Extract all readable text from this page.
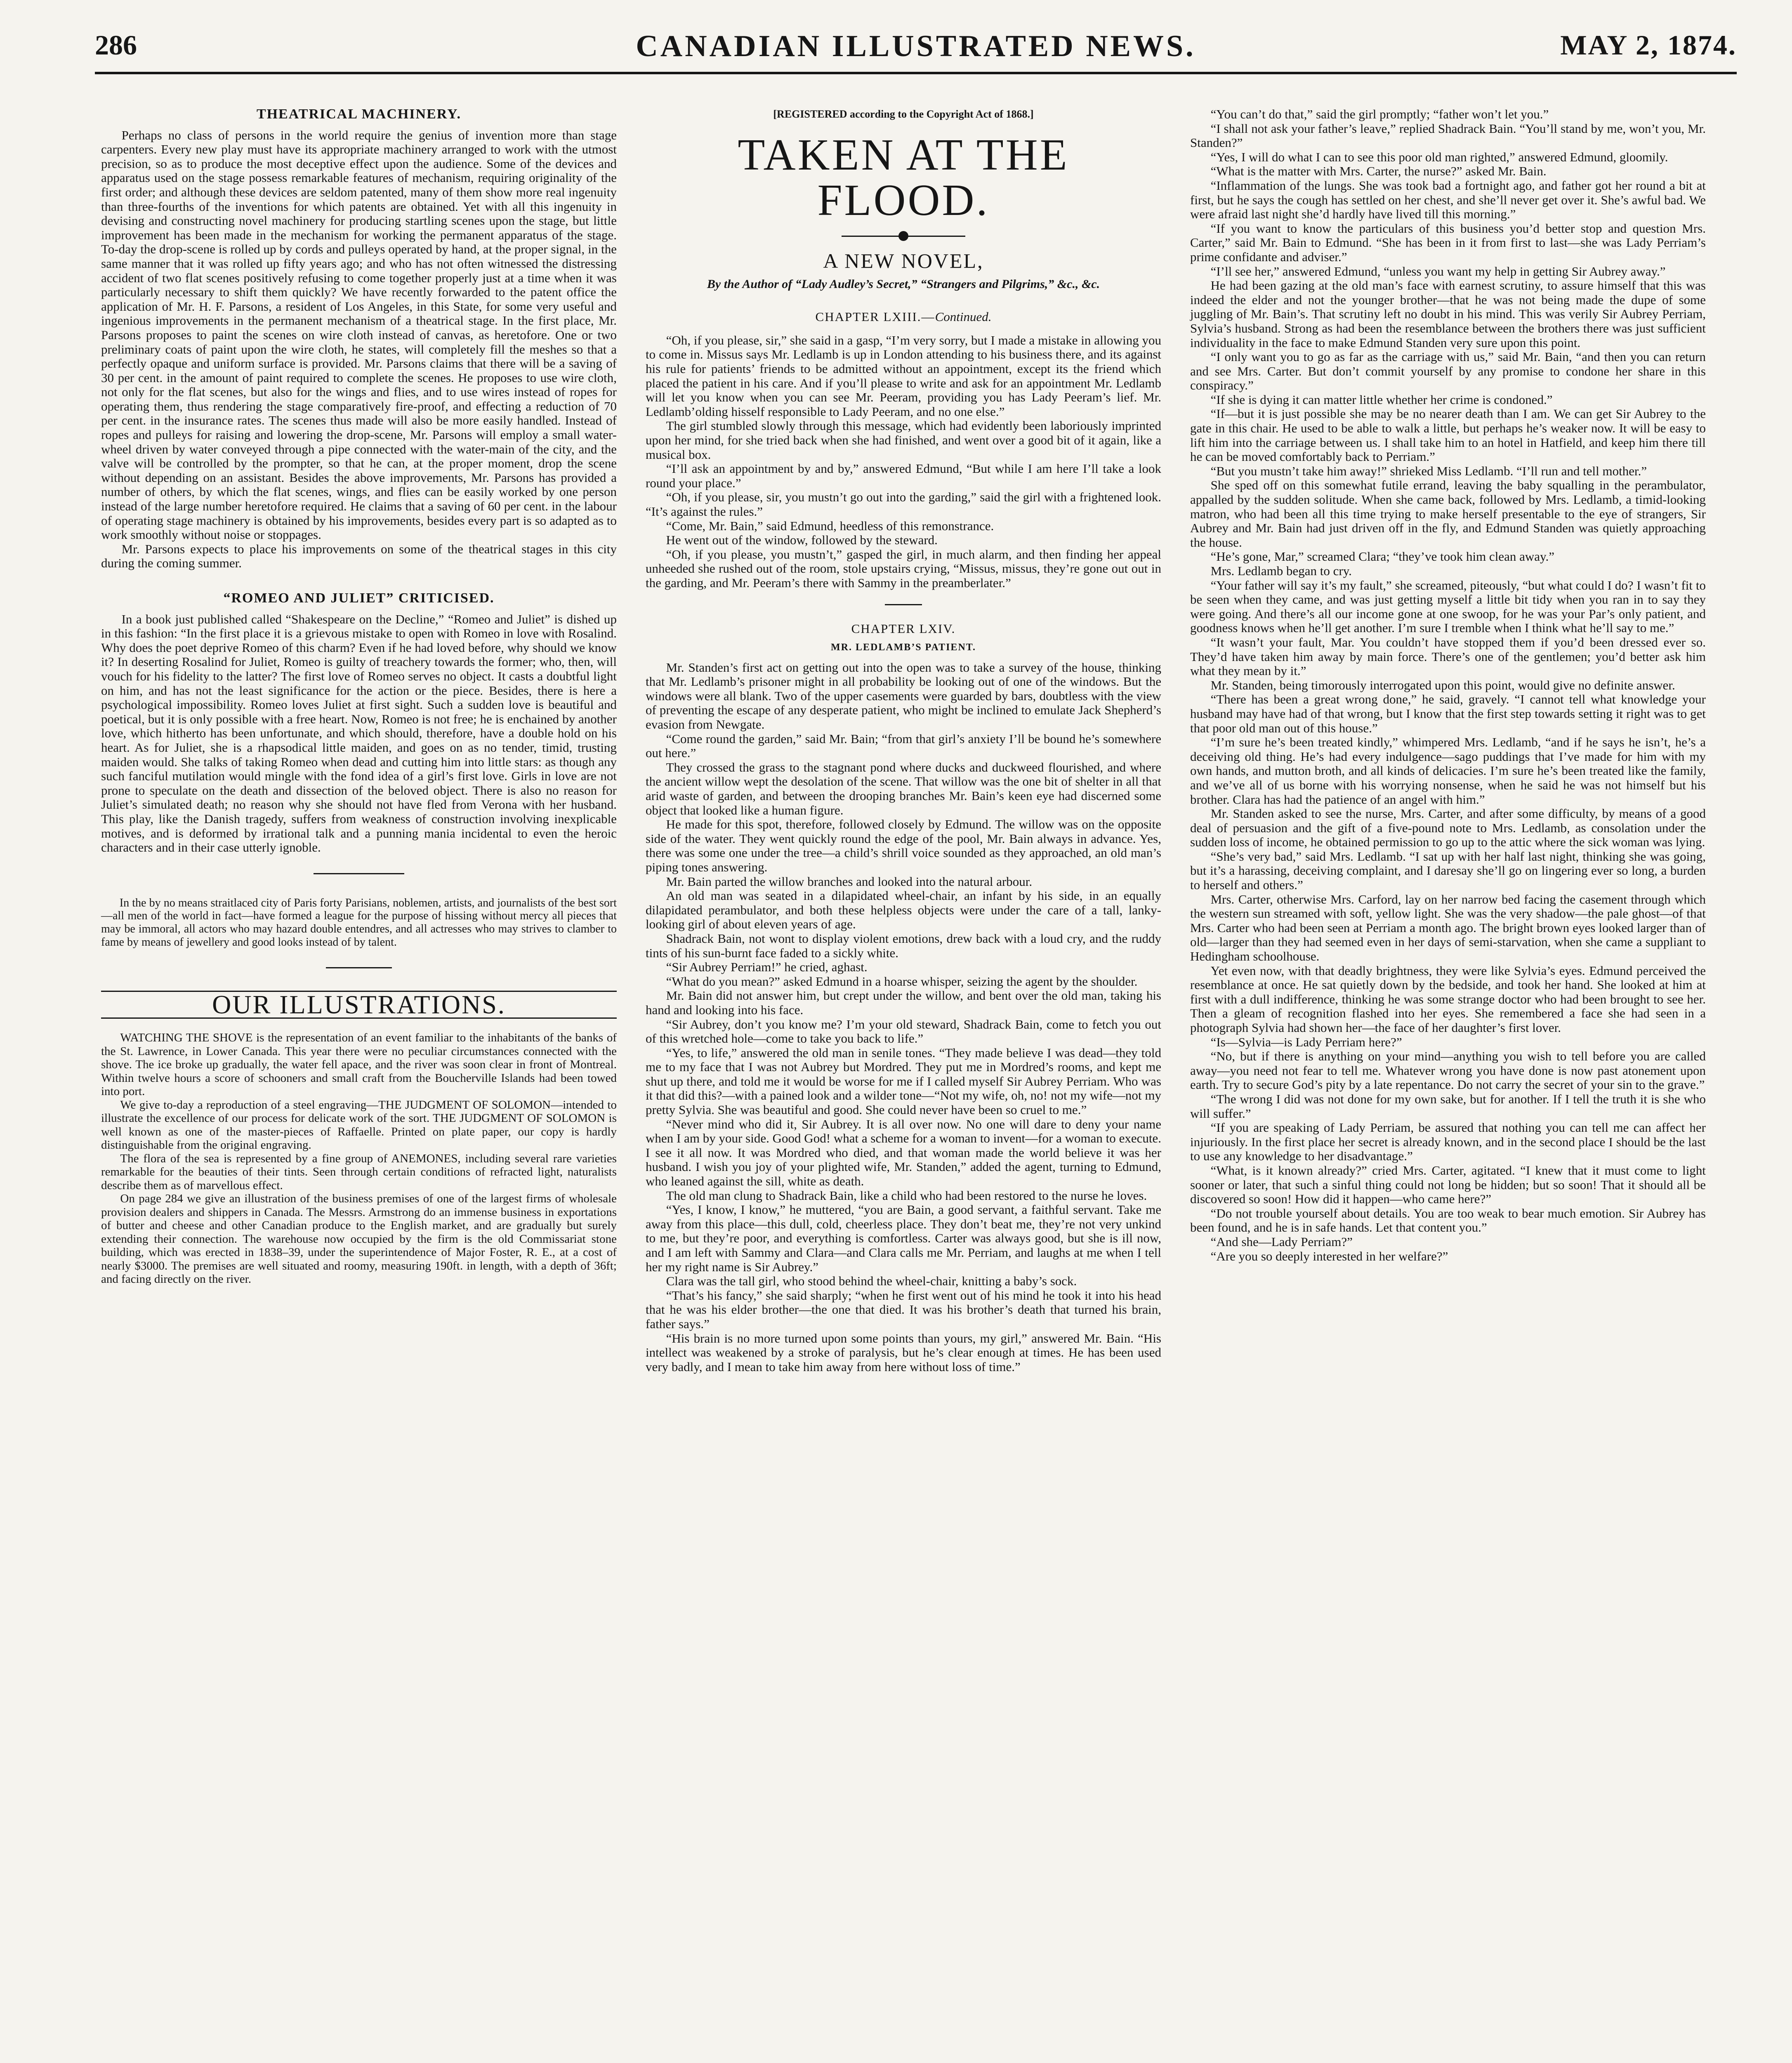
286	CANADIAN ILLUSTRATED NEWS.	MAY 2, 1874.
THEATRICAL MACHINERY.

Perhaps no class of persons in the world require the genius of invention more than stage carpenters. Every new play must have its appropriate machinery arranged to work with the utmost precision, so as to produce the most deceptive effect upon the audience. Some of the devices and apparatus used on the stage possess remarkable features of mechanism, requiring originality of the first order; and although these devices are seldom patented, many of them show more real ingenuity than three-fourths of the inventions for which patents are obtained. Yet with all this ingenuity in devising and constructing novel machinery for producing startling scenes upon the stage, but little improvement has been made in the mechanism for working the permanent apparatus of the stage. To-day the drop-scene is rolled up by cords and pulleys operated by hand, at the proper signal, in the same manner that it was rolled up fifty years ago; and who has not often witnessed the distressing accident of two flat scenes positively refusing to come together properly just at a time when it was particularly necessary to shift them quickly? We have recently forwarded to the patent office the application of Mr. H. F. Parsons, a resident of Los Angeles, in this State, for some very useful and ingenious improvements in the permanent mechanism of a theatrical stage. In the first place, Mr. Parsons proposes to paint the scenes on wire cloth instead of canvas, as heretofore. One or two preliminary coats of paint upon the wire cloth, he states, will completely fill the meshes so that a perfectly opaque and uniform surface is provided. Mr. Parsons claims that there will be a saving of 30 per cent. in the amount of paint required to complete the scenes. He proposes to use wire cloth, not only for the flat scenes, but also for the wings and flies, and to use wires instead of ropes for operating them, thus rendering the stage comparatively fire-proof, and effecting a reduction of 70 per cent. in the insurance rates. The scenes thus made will also be more easily handled. Instead of ropes and pulleys for raising and lowering the drop-scene, Mr. Parsons will employ a small water-wheel driven by water conveyed through a pipe connected with the water-main of the city, and the valve will be controlled by the prompter, so that he can, at the proper moment, drop the scene without depending on an assistant. Besides the above improvements, Mr. Parsons has provided a number of others, by which the flat scenes, wings, and flies can be easily worked by one person instead of the large number heretofore required. He claims that a saving of 60 per cent. in the labour of operating stage machinery is obtained by his improvements, besides every part is so adapted as to work smoothly without noise or stoppages.

Mr. Parsons expects to place his improvements on some of the theatrical stages in this city during the coming summer.

“ROMEO AND JULIET” CRITICISED.

In a book just published called “Shakespeare on the Decline,” “Romeo and Juliet” is dished up in this fashion: “In the first place it is a grievous mistake to open with Romeo in love with Rosalind. Why does the poet deprive Romeo of this charm? Even if he had loved before, why should we know it? In deserting Rosalind for Juliet, Romeo is guilty of treachery towards the former; who, then, will vouch for his fidelity to the latter? The first love of Romeo serves no object. It casts a doubtful light on him, and has not the least significance for the action or the piece. Besides, there is here a psychological impossibility. Romeo loves Juliet at first sight. Such a sudden love is beautiful and poetical, but it is only possible with a free heart. Now, Romeo is not free; he is enchained by another love, which hitherto has been unfortunate, and which should, therefore, have a double hold on his heart. As for Juliet, she is a rhapsodical little maiden, and goes on as no tender, timid, trusting maiden would. She talks of taking Romeo when dead and cutting him into little stars: as though any such fanciful mutilation would mingle with the fond idea of a girl’s first love. Girls in love are not prone to speculate on the death and dissection of the beloved object. There is also no reason for Juliet’s simulated death; no reason why she should not have fled from Verona with her husband. This play, like the Danish tragedy, suffers from weakness of construction involving inexplicable motives, and is deformed by irrational talk and a punning mania incidental to even the heroic characters and in their case utterly ignoble.

In the by no means straitlaced city of Paris forty Parisians, noblemen, artists, and journalists of the best sort—all men of the world in fact—have formed a league for the purpose of hissing without mercy all pieces that may be immoral, all actors who may hazard double entendres, and all actresses who may strives to clamber to fame by means of jewellery and good looks instead of by talent.

OUR ILLUSTRATIONS.

WATCHING THE SHOVE is the representation of an event familiar to the inhabitants of the banks of the St. Lawrence, in Lower Canada. This year there were no peculiar circumstances connected with the shove. The ice broke up gradually, the water fell apace, and the river was soon clear in front of Montreal. Within twelve hours a score of schooners and small craft from the Boucherville Islands had been towed into port.

We give to-day a reproduction of a steel engraving—THE JUDGMENT OF SOLOMON—intended to illustrate the excellence of our process for delicate work of the sort. THE JUDGMENT OF SOLOMON is well known as one of the master-pieces of Raffaelle. Printed on plate paper, our copy is hardly distinguishable from the original engraving.

The flora of the sea is represented by a fine group of ANEMONES, including several rare varieties remarkable for the beauties of their tints. Seen through certain conditions of refracted light, naturalists describe them as of marvellous effect.

On page 284 we give an illustration of the business premises of one of the largest firms of wholesale provision dealers and shippers in Canada. The Messrs. Armstrong do an immense business in exportations of butter and cheese and other Canadian produce to the English market, and are gradually but surely extending their connection. The warehouse now occupied by the firm is the old Commissariat stone building, which was erected in 1838–39, under the superintendence of Major Foster, R. E., at a cost of nearly $3000. The premises are well situated and roomy, measuring 190ft. in length, with a depth of 36ft; and facing directly on the river.

[REGISTERED according to the Copyright Act of 1868.]
TAKEN AT THE FLOOD.
A NEW NOVEL,
By the Author of “Lady Audley’s Secret,” “Strangers and Pilgrims,” &c., &c.
CHAPTER LXIII.—Continued.

“Oh, if you please, sir,” she said in a gasp, “I’m very sorry, but I made a mistake in allowing you to come in. Missus says Mr. Ledlamb is up in London attending to his business there, and its against his rule for patients’ friends to be admitted without an appointment, except its the friend which placed the patient in his care. And if you’ll please to write and ask for an appointment Mr. Ledlamb will let you know when you can see Mr. Peeram, providing you has Lady Peeram’s lief. Mr. Ledlamb’olding hisself responsible to Lady Peeram, and no one else.”

The girl stumbled slowly through this message, which had evidently been laboriously imprinted upon her mind, for she tried back when she had finished, and went over a good bit of it again, like a musical box.

“I’ll ask an appointment by and by,” answered Edmund, “But while I am here I’ll take a look round your place.”

“Oh, if you please, sir, you mustn’t go out into the garding,” said the girl with a frightened look. “It’s against the rules.”

“Come, Mr. Bain,” said Edmund, heedless of this remonstrance.

He went out of the window, followed by the steward.

“Oh, if you please, you mustn’t,” gasped the girl, in much alarm, and then finding her appeal unheeded she rushed out of the room, stole upstairs crying, “Missus, missus, they’re gone out out in the garding, and Mr. Peeram’s there with Sammy in the preamberlater.”

CHAPTER LXIV.
MR. LEDLAMB’S PATIENT.

Mr. Standen’s first act on getting out into the open was to take a survey of the house, thinking that Mr. Ledlamb’s prisoner might in all probability be looking out of one of the windows. But the windows were all blank. Two of the upper casements were guarded by bars, doubtless with the view of preventing the escape of any desperate patient, who might be inclined to emulate Jack Shepherd’s evasion from Newgate.

“Come round the garden,” said Mr. Bain; “from that girl’s anxiety I’ll be bound he’s somewhere out here.”

They crossed the grass to the stagnant pond where ducks and duckweed flourished, and where the ancient willow wept the desolation of the scene. That willow was the one bit of shelter in all that arid waste of garden, and between the drooping branches Mr. Bain’s keen eye had discerned some object that looked like a human figure.

He made for this spot, therefore, followed closely by Edmund. The willow was on the opposite side of the water. They went quickly round the edge of the pool, Mr. Bain always in advance. Yes, there was some one under the tree—a child’s shrill voice sounded as they approached, an old man’s piping tones answering.

Mr. Bain parted the willow branches and looked into the natural arbour.

An old man was seated in a dilapidated wheel-chair, an infant by his side, in an equally dilapidated perambulator, and both these helpless objects were under the care of a tall, lanky-looking girl of about eleven years of age.

Shadrack Bain, not wont to display violent emotions, drew back with a loud cry, and the ruddy tints of his sun-burnt face faded to a sickly white.

“Sir Aubrey Perriam!” he cried, aghast.

“What do you mean?” asked Edmund in a hoarse whisper, seizing the agent by the shoulder.

Mr. Bain did not answer him, but crept under the willow, and bent over the old man, taking his hand and looking into his face.

“Sir Aubrey, don’t you know me? I’m your old steward, Shadrack Bain, come to fetch you out of this wretched hole—come to take you back to life.”

“Yes, to life,” answered the old man in senile tones. “They made believe I was dead—they told me to my face that I was not Aubrey but Mordred. They put me in Mordred’s rooms, and kept me shut up there, and told me it would be worse for me if I called myself Sir Aubrey Perriam. Who was it that did this?—with a pained look and a wilder tone—“Not my wife, oh, no! not my wife—not my pretty Sylvia. She was beautiful and good. She could never have been so cruel to me.”

“Never mind who did it, Sir Aubrey. It is all over now. No one will dare to deny your name when I am by your side. Good God! what a scheme for a woman to invent—for a woman to execute. I see it all now. It was Mordred who died, and that woman made the world believe it was her husband. I wish you joy of your plighted wife, Mr. Standen,” added the agent, turning to Edmund, who leaned against the sill, white as death.

The old man clung to Shadrack Bain, like a child who had been restored to the nurse he loves.

“Yes, I know, I know,” he muttered, “you are Bain, a good servant, a faithful servant. Take me away from this place—this dull, cold, cheerless place. They don’t beat me, they’re not very unkind to me, but they’re poor, and everything is comfortless. Carter was always good, but she is ill now, and I am left with Sammy and Clara—and Clara calls me Mr. Perriam, and laughs at me when I tell her my right name is Sir Aubrey.”

Clara was the tall girl, who stood behind the wheel-chair, knitting a baby’s sock.

“That’s his fancy,” she said sharply; “when he first went out of his mind he took it into his head that he was his elder brother—the one that died. It was his brother’s death that turned his brain, father says.”

“His brain is no more turned upon some points than yours, my girl,” answered Mr. Bain. “His intellect was weakened by a stroke of paralysis, but he’s clear enough at times. He has been used very badly, and I mean to take him away from here without loss of time.”

“You can’t do that,” said the girl promptly; “father won’t let you.”

“I shall not ask your father’s leave,” replied Shadrack Bain. “You’ll stand by me, won’t you, Mr. Standen?”

“Yes, I will do what I can to see this poor old man righted,” answered Edmund, gloomily.

“What is the matter with Mrs. Carter, the nurse?” asked Mr. Bain.

“Inflammation of the lungs. She was took bad a fortnight ago, and father got her round a bit at first, but he says the cough has settled on her chest, and she’ll never get over it. She’s awful bad. We were afraid last night she’d hardly have lived till this morning.”

“If you want to know the particulars of this business you’d better stop and question Mrs. Carter,” said Mr. Bain to Edmund. “She has been in it from first to last—she was Lady Perriam’s prime confidante and adviser.”

“I’ll see her,” answered Edmund, “unless you want my help in getting Sir Aubrey away.”

He had been gazing at the old man’s face with earnest scrutiny, to assure himself that this was indeed the elder and not the younger brother—that he was not being made the dupe of some juggling of Mr. Bain’s. That scrutiny left no doubt in his mind. This was verily Sir Aubrey Perriam, Sylvia’s husband. Strong as had been the resemblance between the brothers there was just sufficient individuality in the face to make Edmund Standen very sure upon this point.

“I only want you to go as far as the carriage with us,” said Mr. Bain, “and then you can return and see Mrs. Carter. But don’t commit yourself by any promise to condone her share in this conspiracy.”

“If she is dying it can matter little whether her crime is condoned.”

“If—but it is just possible she may be no nearer death than I am. We can get Sir Aubrey to the gate in this chair. He used to be able to walk a little, but perhaps he’s weaker now. It will be easy to lift him into the carriage between us. I shall take him to an hotel in Hatfield, and keep him there till he can be moved comfortably back to Perriam.”

“But you mustn’t take him away!” shrieked Miss Ledlamb. “I’ll run and tell mother.”

She sped off on this somewhat futile errand, leaving the baby squalling in the perambulator, appalled by the sudden solitude. When she came back, followed by Mrs. Ledlamb, a timid-looking matron, who had been all this time trying to make herself presentable to the eye of strangers, Sir Aubrey and Mr. Bain had just driven off in the fly, and Edmund Standen was quietly approaching the house.

“He’s gone, Mar,” screamed Clara; “they’ve took him clean away.”

Mrs. Ledlamb began to cry.

“Your father will say it’s my fault,” she screamed, piteously, “but what could I do? I wasn’t fit to be seen when they came, and was just getting myself a little bit tidy when you ran in to say they were going. And there’s all our income gone at one swoop, for he was your Par’s only patient, and goodness knows when he’ll get another. I’m sure I tremble when I think what he’ll say to me.”

“It wasn’t your fault, Mar. You couldn’t have stopped them if you’d been dressed ever so. They’d have taken him away by main force. There’s one of the gentlemen; you’d better ask him what they mean by it.”

Mr. Standen, being timorously interrogated upon this point, would give no definite answer.

“There has been a great wrong done,” he said, gravely. “I cannot tell what knowledge your husband may have had of that wrong, but I know that the first step towards setting it right was to get that poor old man out of this house.”

“I’m sure he’s been treated kindly,” whimpered Mrs. Ledlamb, “and if he says he isn’t, he’s a deceiving old thing. He’s had every indulgence—sago puddings that I’ve made for him with my own hands, and mutton broth, and all kinds of delicacies. I’m sure he’s been treated like the family, and we’ve all of us borne with his worrying nonsense, when he said he was not himself but his brother. Clara has had the patience of an angel with him.”

Mr. Standen asked to see the nurse, Mrs. Carter, and after some difficulty, by means of a good deal of persuasion and the gift of a five-pound note to Mrs. Ledlamb, as consolation under the sudden loss of income, he obtained permission to go up to the attic where the sick woman was lying.

“She’s very bad,” said Mrs. Ledlamb. “I sat up with her half last night, thinking she was going, but it’s a harassing, deceiving complaint, and I daresay she’ll go on lingering ever so long, a burden to herself and others.”

Mrs. Carter, otherwise Mrs. Carford, lay on her narrow bed facing the casement through which the western sun streamed with soft, yellow light. She was the very shadow—the pale ghost—of that Mrs. Carter who had been seen at Perriam a month ago. The bright brown eyes looked larger than of old—larger than they had seemed even in her days of semi-starvation, when she came a suppliant to Hedingham schoolhouse.

Yet even now, with that deadly brightness, they were like Sylvia’s eyes. Edmund perceived the resemblance at once. He sat quietly down by the bedside, and took her hand. She looked at him at first with a dull indifference, thinking he was some strange doctor who had been brought to see her. Then a gleam of recognition flashed into her eyes. She remembered a face she had seen in a photograph Sylvia had shown her—the face of her daughter’s first lover.

“Is—Sylvia—is Lady Perriam here?”

“No, but if there is anything on your mind—anything you wish to tell before you are called away—you need not fear to tell me. Whatever wrong you have done is now past atonement upon earth. Try to secure God’s pity by a late repentance. Do not carry the secret of your sin to the grave.”

“The wrong I did was not done for my own sake, but for another. If I tell the truth it is she who will suffer.”

“If you are speaking of Lady Perriam, be assured that nothing you can tell me can affect her injuriously. In the first place her secret is already known, and in the second place I should be the last to use any knowledge to her disadvantage.”

“What, is it known already?” cried Mrs. Carter, agitated. “I knew that it must come to light sooner or later, that such a sinful thing could not long be hidden; but so soon! That it should all be discovered so soon! How did it happen—who came here?”

“Do not trouble yourself about details. You are too weak to bear much emotion. Sir Aubrey has been found, and he is in safe hands. Let that content you.”

“And she—Lady Perriam?”

“Are you so deeply interested in her welfare?”
